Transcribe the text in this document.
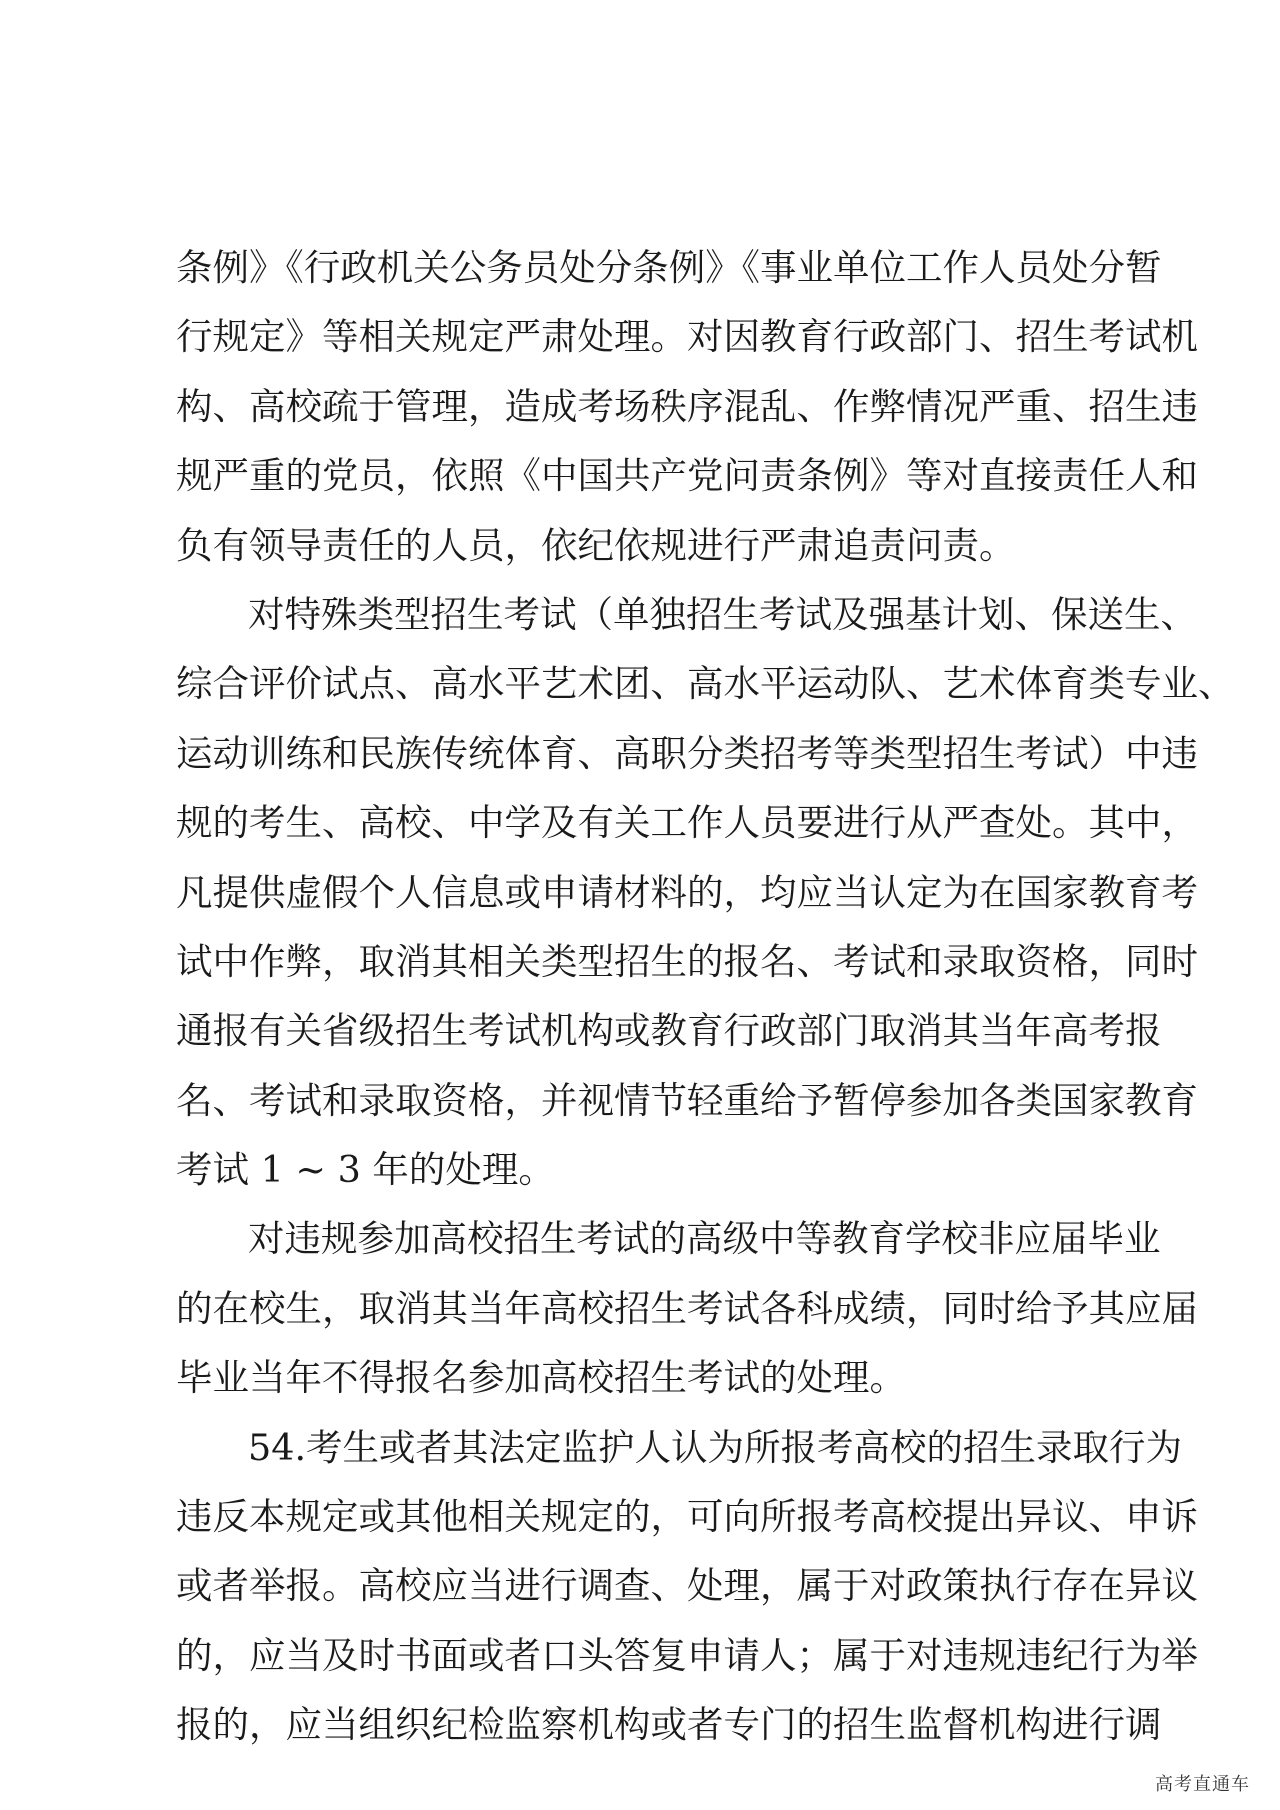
条例》《行政机关公务员处分条例》《事业单位工作人员处分暂
行规定》等相关规定严肃处理。对因教育行政部门、招生考试机
构、高校疏于管理，造成考场秩序混乱、作弊情况严重、招生违
规严重的党员，依照《中国共产党问责条例》等对直接责任人和
负有领导责任的人员，依纪依规进行严肃追责问责。
对特殊类型招生考试（单独招生考试及强基计划、保送生、
综合评价试点、高水平艺术团、高水平运动队、艺术体育类专业、
运动训练和民族传统体育、高职分类招考等类型招生考试）中违
规的考生、高校、中学及有关工作人员要进行从严查处。其中，
凡提供虚假个人信息或申请材料的，均应当认定为在国家教育考
试中作弊，取消其相关类型招生的报名、考试和录取资格，同时
通报有关省级招生考试机构或教育行政部门取消其当年高考报
名、考试和录取资格，并视情节轻重给予暂停参加各类国家教育
考试 1 ~ 3 年的处理。
对违规参加高校招生考试的高级中等教育学校非应届毕业
的在校生，取消其当年高校招生考试各科成绩，同时给予其应届
毕业当年不得报名参加高校招生考试的处理。
54.考生或者其法定监护人认为所报考高校的招生录取行为
违反本规定或其他相关规定的，可向所报考高校提出异议、申诉
或者举报。高校应当进行调查、处理，属于对政策执行存在异议
的，应当及时书面或者口头答复申请人；属于对违规违纪行为举
报的，应当组织纪检监察机构或者专门的招生监督机构进行调
高考直通车
